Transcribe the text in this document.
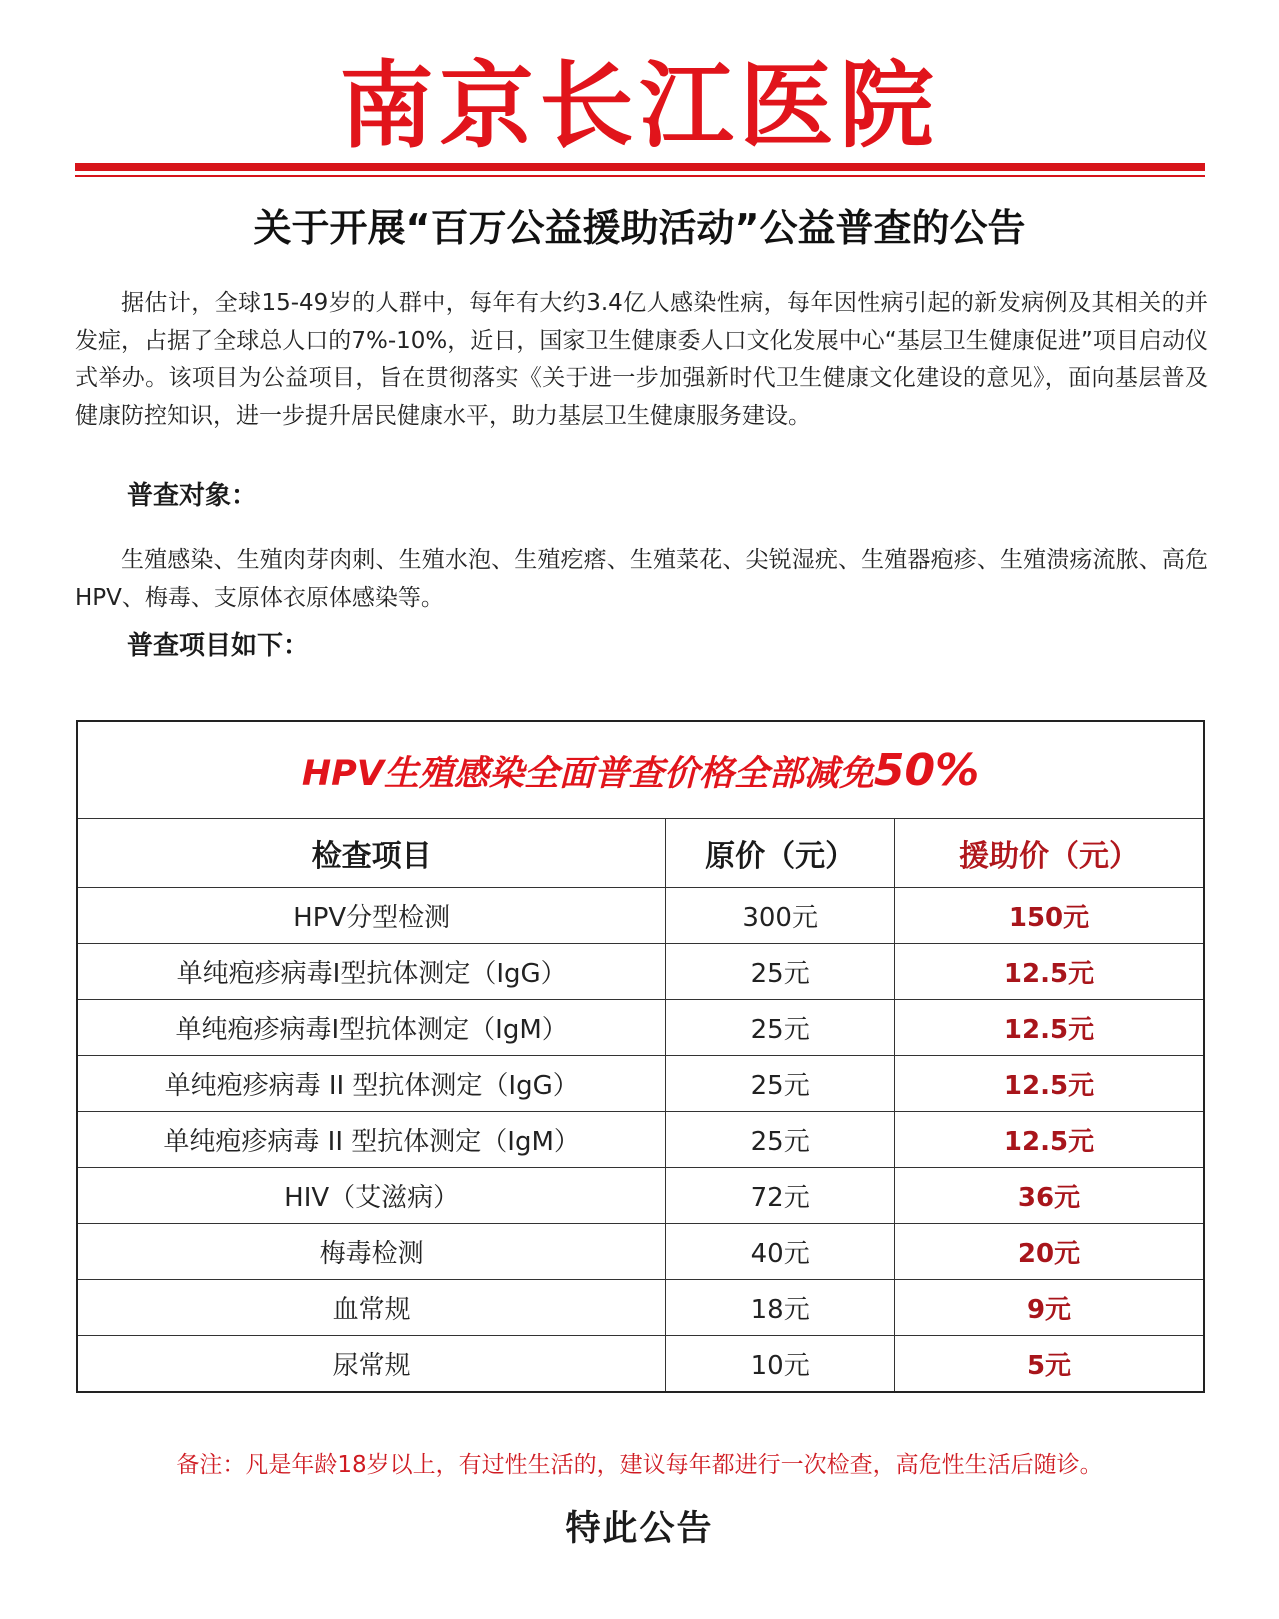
南京长江医院
关于开展“百万公益援助活动”公益普查的公告

据估计，全球15-49岁的人群中，每年有大约3.4亿人感染性病，每年因性病引起的新发病例及其相关的并发症，占据了全球总人口的7%-10%，近日，国家卫生健康委人口文化发展中心“基层卫生健康促进”项目启动仪式举办。该项目为公益项目，旨在贯彻落实《关于进一步加强新时代卫生健康文化建设的意见》，面向基层普及健康防控知识，进一步提升居民健康水平，助力基层卫生健康服务建设。

普查对象：

生殖感染、生殖肉芽肉刺、生殖水泡、生殖疙瘩、生殖菜花、尖锐湿疣、生殖器疱疹、生殖溃疡流脓、高危HPV、梅毒、支原体衣原体感染等。

普查项目如下：
HPV生殖感染全面普查价格全部减免50%		
检查项目	原价（元）	援助价（元）
HPV分型检测	300元	150元
单纯疱疹病毒I型抗体测定（IgG）	25元	12.5元
单纯疱疹病毒I型抗体测定（IgM）	25元	12.5元
单纯疱疹病毒 II 型抗体测定（IgG）	25元	12.5元
单纯疱疹病毒 II 型抗体测定（IgM）	25元	12.5元
HIV（艾滋病）	72元	36元
梅毒检测	40元	20元
血常规	18元	9元
尿常规	10元	5元
备注：凡是年龄18岁以上，有过性生活的，建议每年都进行一次检查，高危性生活后随诊。
特此公告
